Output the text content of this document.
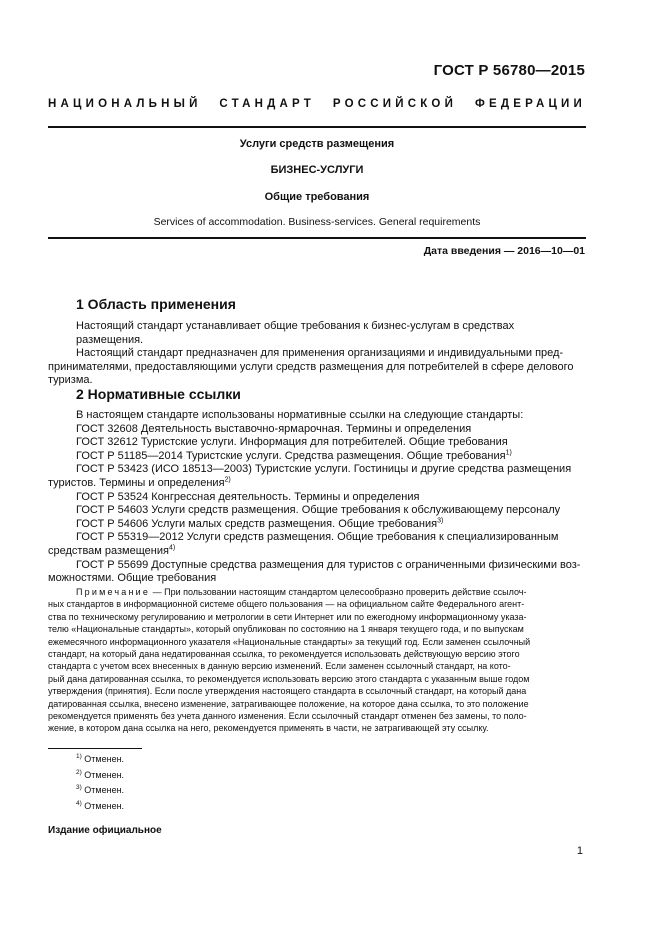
ГОСТ Р 56780—2015
НАЦИОНАЛЬНЫЙ СТАНДАРТ РОССИЙСКОЙ ФЕДЕРАЦИИ
Услуги средств размещения
БИЗНЕС-УСЛУГИ
Общие требования
Services of accommodation. Business-services. General requirements
Дата введения — 2016—10—01
1 Область применения
Настоящий стандарт устанавливает общие требования к бизнес-услугам в средствах размещения.
Настоящий стандарт предназначен для применения организациями и индивидуальными пред-
принимателями, предоставляющими услуги средств размещения для потребителей в сфере делового
туризма.
2 Нормативные ссылки
В настоящем стандарте использованы нормативные ссылки на следующие стандарты:
ГОСТ 32608 Деятельность выставочно-ярмарочная. Термины и определения
ГОСТ 32612 Туристские услуги. Информация для потребителей. Общие требования
ГОСТ Р 51185—2014 Туристские услуги. Средства размещения. Общие требования$^{1)}$
ГОСТ Р 53423 (ИСО 18513—2003) Туристские услуги. Гостиницы и другие средства размещения
туристов. Термины и определения$^{2)}$
ГОСТ Р 53524 Конгрессная деятельность. Термины и определения
ГОСТ Р 54603 Услуги средств размещения. Общие требования к обслуживающему персоналу
ГОСТ Р 54606 Услуги малых средств размещения. Общие требования$^{3)}$
ГОСТ Р 55319—2012 Услуги средств размещения. Общие требования к специализированным
средствам размещения$^{4)}$
ГОСТ Р 55699 Доступные средства размещения для туристов с ограниченными физическими воз-
можностями. Общие требования
Примечание — При пользовании настоящим стандартом целесообразно проверить действие ссылоч-
ных стандартов в информационной системе общего пользования — на официальном сайте Федерального агент-
ства по техническому регулированию и метрологии в сети Интернет или по ежегодному информационному указа-
телю «Национальные стандарты», который опубликован по состоянию на 1 января текущего года, и по выпускам
ежемесячного информационного указателя «Национальные стандарты» за текущий год. Если заменен ссылочный
стандарт, на который дана недатированная ссылка, то рекомендуется использовать действующую версию этого
стандарта с учетом всех внесенных в данную версию изменений. Если заменен ссылочный стандарт, на кото-
рый дана датированная ссылка, то рекомендуется использовать версию этого стандарта с указанным выше годом
утверждения (принятия). Если после утверждения настоящего стандарта в ссылочный стандарт, на который дана
датированная ссылка, внесено изменение, затрагивающее положение, на которое дана ссылка, то это положение
рекомендуется применять без учета данного изменения. Если ссылочный стандарт отменен без замены, то поло-
жение, в котором дана ссылка на него, рекомендуется применять в части, не затрагивающей эту ссылку.
$^{1)}$ Отменен.
$^{2)}$ Отменен.
$^{3)}$ Отменен.
$^{4)}$ Отменен.
Издание официальное
1
